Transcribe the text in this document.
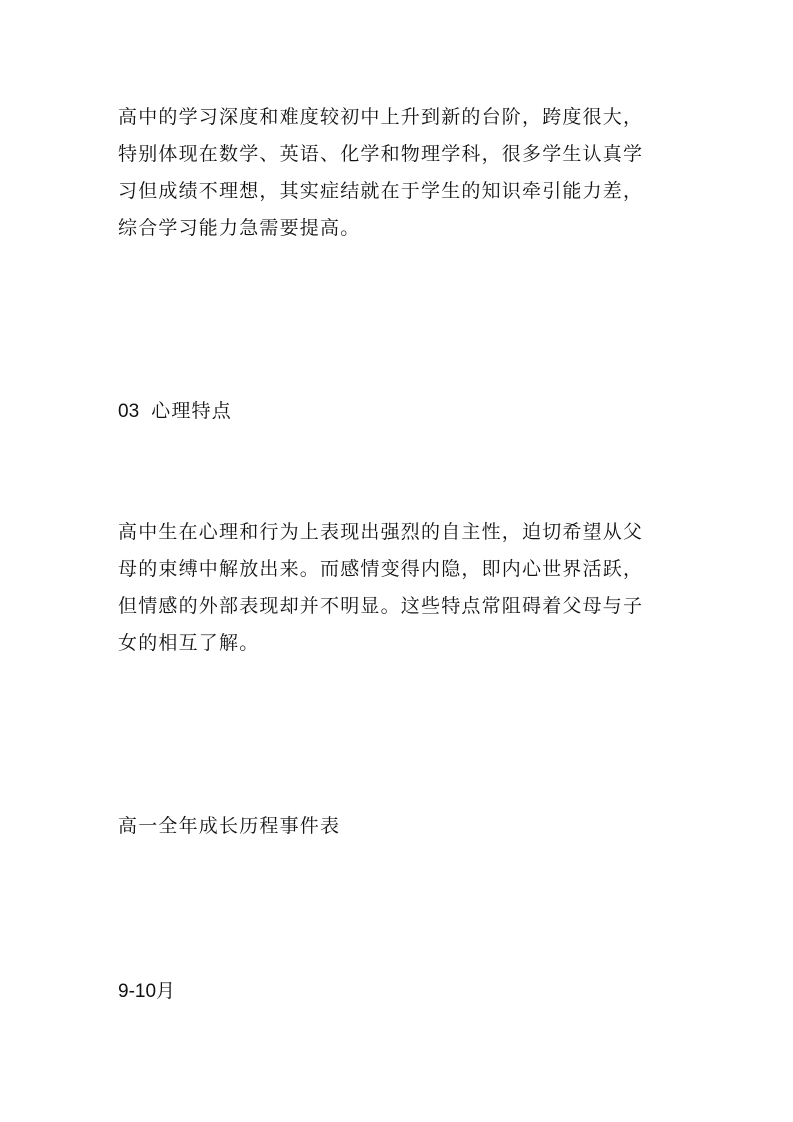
高中的学习深度和难度较初中上升到新的台阶，跨度很大，
特别体现在数学、英语、化学和物理学科，很多学生认真学
习但成绩不理想，其实症结就在于学生的知识牵引能力差，
综合学习能力急需要提高。

03 心理特点

高中生在心理和行为上表现出强烈的自主性，迫切希望从父
母的束缚中解放出来。而感情变得内隐，即内心世界活跃，
但情感的外部表现却并不明显。这些特点常阻碍着父母与子
女的相互了解。

高一全年成长历程事件表
9-10月
